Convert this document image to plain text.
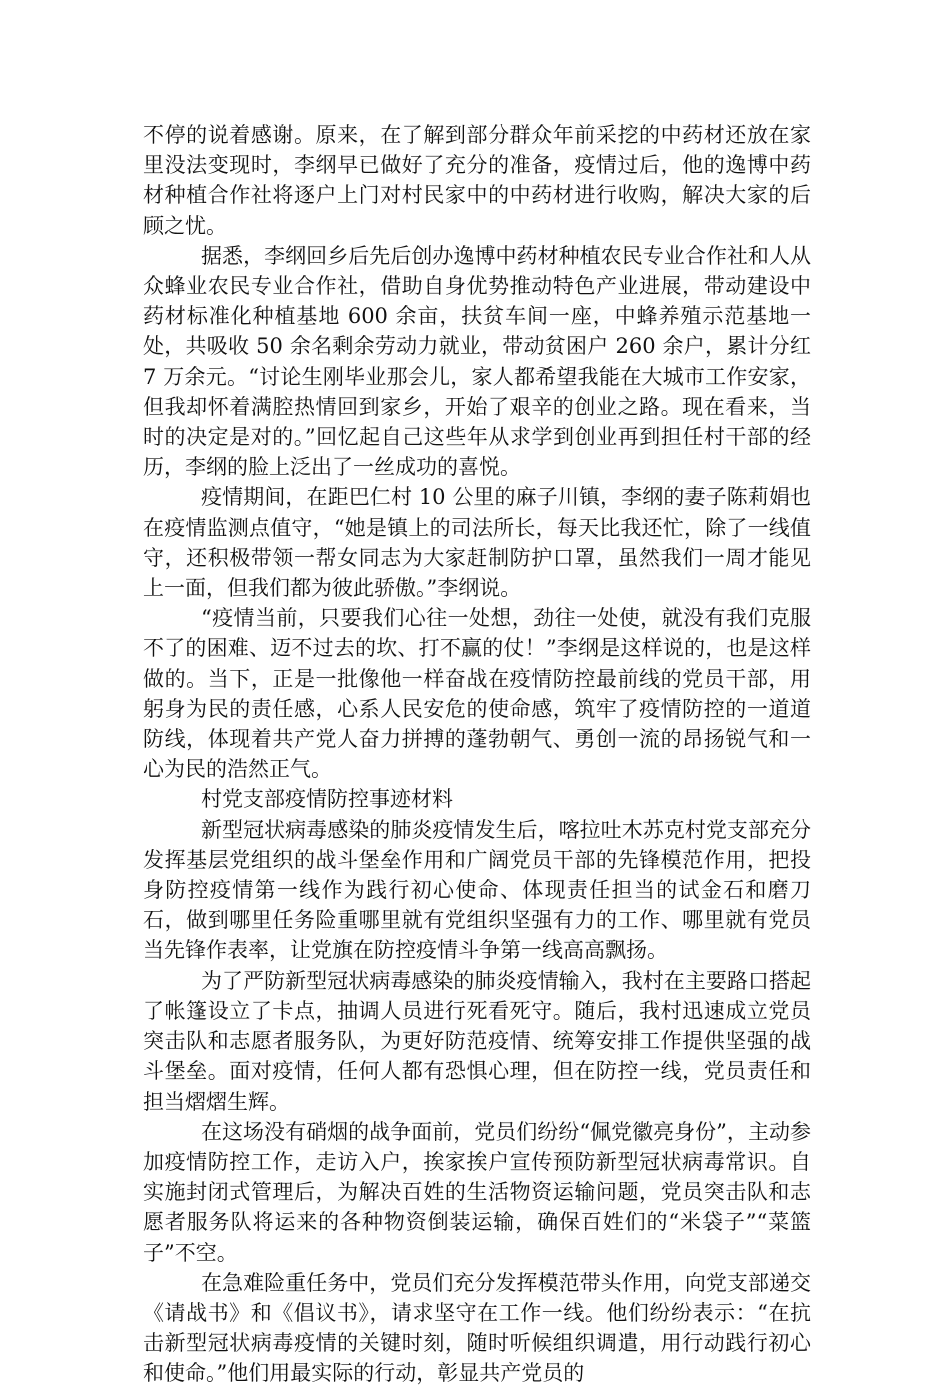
不停的说着感谢。原来，在了解到部分群众年前采挖的中药材还放在家里没法变现时，李纲早已做好了充分的准备，疫情过后，他的逸博中药材种植合作社将逐户上门对村民家中的中药材进行收购，解决大家的后顾之忧。

据悉，李纲回乡后先后创办逸博中药材种植农民专业合作社和人从众蜂业农民专业合作社，借助自身优势推动特色产业进展，带动建设中药材标准化种植基地 600 余亩，扶贫车间一座，中蜂养殖示范基地一处，共吸收 50 余名剩余劳动力就业，带动贫困户 260 余户，累计分红 7 万余元。“讨论生刚毕业那会儿，家人都希望我能在大城市工作安家，但我却怀着满腔热情回到家乡，开始了艰辛的创业之路。现在看来，当时的决定是对的。”回忆起自己这些年从求学到创业再到担任村干部的经历，李纲的脸上泛出了一丝成功的喜悦。

疫情期间，在距巴仁村 10 公里的麻子川镇，李纲的妻子陈莉娟也在疫情监测点值守，“她是镇上的司法所长，每天比我还忙，除了一线值守，还积极带领一帮女同志为大家赶制防护口罩，虽然我们一周才能见上一面，但我们都为彼此骄傲。”李纲说。

“疫情当前，只要我们心往一处想，劲往一处使，就没有我们克服不了的困难、迈不过去的坎、打不赢的仗！”李纲是这样说的，也是这样做的。当下，正是一批像他一样奋战在疫情防控最前线的党员干部，用躬身为民的责任感，心系人民安危的使命感，筑牢了疫情防控的一道道防线，体现着共产党人奋力拼搏的蓬勃朝气、勇创一流的昂扬锐气和一心为民的浩然正气。

村党支部疫情防控事迹材料

新型冠状病毒感染的肺炎疫情发生后，喀拉吐木苏克村党支部充分发挥基层党组织的战斗堡垒作用和广阔党员干部的先锋模范作用，把投身防控疫情第一线作为践行初心使命、体现责任担当的试金石和磨刀石，做到哪里任务险重哪里就有党组织坚强有力的工作、哪里就有党员当先锋作表率，让党旗在防控疫情斗争第一线高高飘扬。

为了严防新型冠状病毒感染的肺炎疫情输入，我村在主要路口搭起了帐篷设立了卡点，抽调人员进行死看死守。随后，我村迅速成立党员突击队和志愿者服务队，为更好防范疫情、统筹安排工作提供坚强的战斗堡垒。面对疫情，任何人都有恐惧心理，但在防控一线，党员责任和担当熠熠生辉。

在这场没有硝烟的战争面前，党员们纷纷“佩党徽亮身份”，主动参加疫情防控工作，走访入户，挨家挨户宣传预防新型冠状病毒常识。自实施封闭式管理后，为解决百姓的生活物资运输问题，党员突击队和志愿者服务队将运来的各种物资倒装运输，确保百姓们的“米袋子”“菜篮子”不空。

在急难险重任务中，党员们充分发挥模范带头作用，向党支部递交《请战书》和《倡议书》，请求坚守在工作一线。他们纷纷表示：“在抗击新型冠状病毒疫情的关键时刻，随时听候组织调遣，用行动践行初心和使命。”他们用最实际的行动，彰显共产党员的
